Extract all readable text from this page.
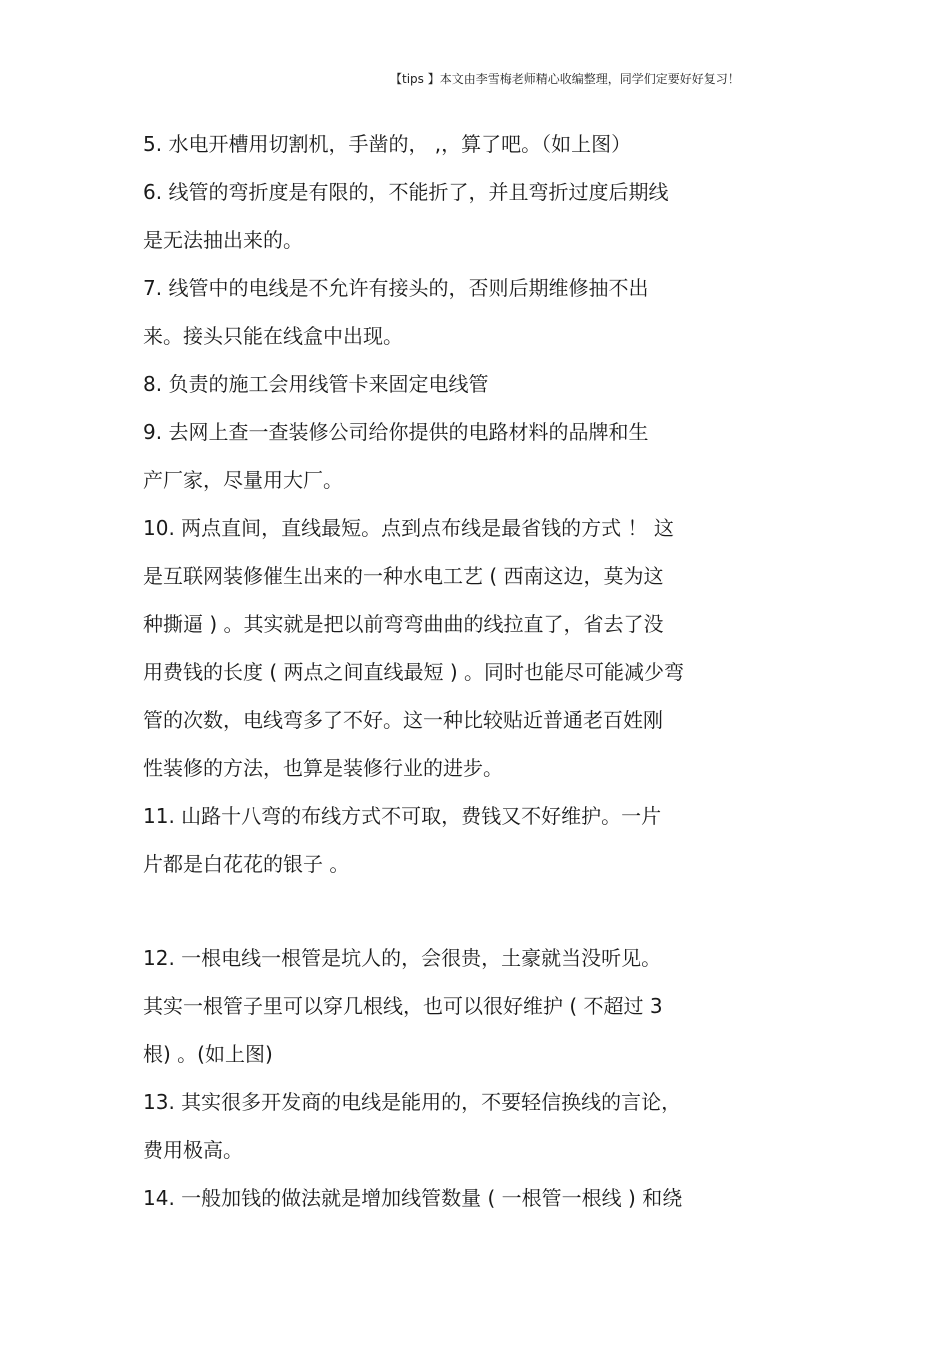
【tips 】本文由李雪梅老师精心收编整理，同学们定要好好复习！
5. 水电开槽用切割机，手凿的， ,，算了吧。（如上图）
6. 线管的弯折度是有限的，不能折了，并且弯折过度后期线
是无法抽出来的。
7. 线管中的电线是不允许有接头的，否则后期维修抽不出
来。接头只能在线盒中出现。
8. 负责的施工会用线管卡来固定电线管
9. 去网上查一查装修公司给你提供的电路材料的品牌和生
产厂家，尽量用大厂。
10. 两点直间，直线最短。点到点布线是最省钱的方式 ！ 这
是互联网装修催生出来的一种水电工艺 ( 西南这边，莫为这
种撕逼 ) 。其实就是把以前弯弯曲曲的线拉直了，省去了没
用费钱的长度 ( 两点之间直线最短 ) 。同时也能尽可能减少弯
管的次数，电线弯多了不好。这一种比较贴近普通老百姓刚
性装修的方法，也算是装修行业的进步。
11. 山路十八弯的布线方式不可取，费钱又不好维护。一片
片都是白花花的银子 。
12. 一根电线一根管是坑人的，会很贵，土豪就当没听见。
其实一根管子里可以穿几根线，也可以很好维护 ( 不超过 3
根) 。(如上图)
13. 其实很多开发商的电线是能用的，不要轻信换线的言论，
费用极高。
14. 一般加钱的做法就是增加线管数量 ( 一根管一根线 ) 和绕
